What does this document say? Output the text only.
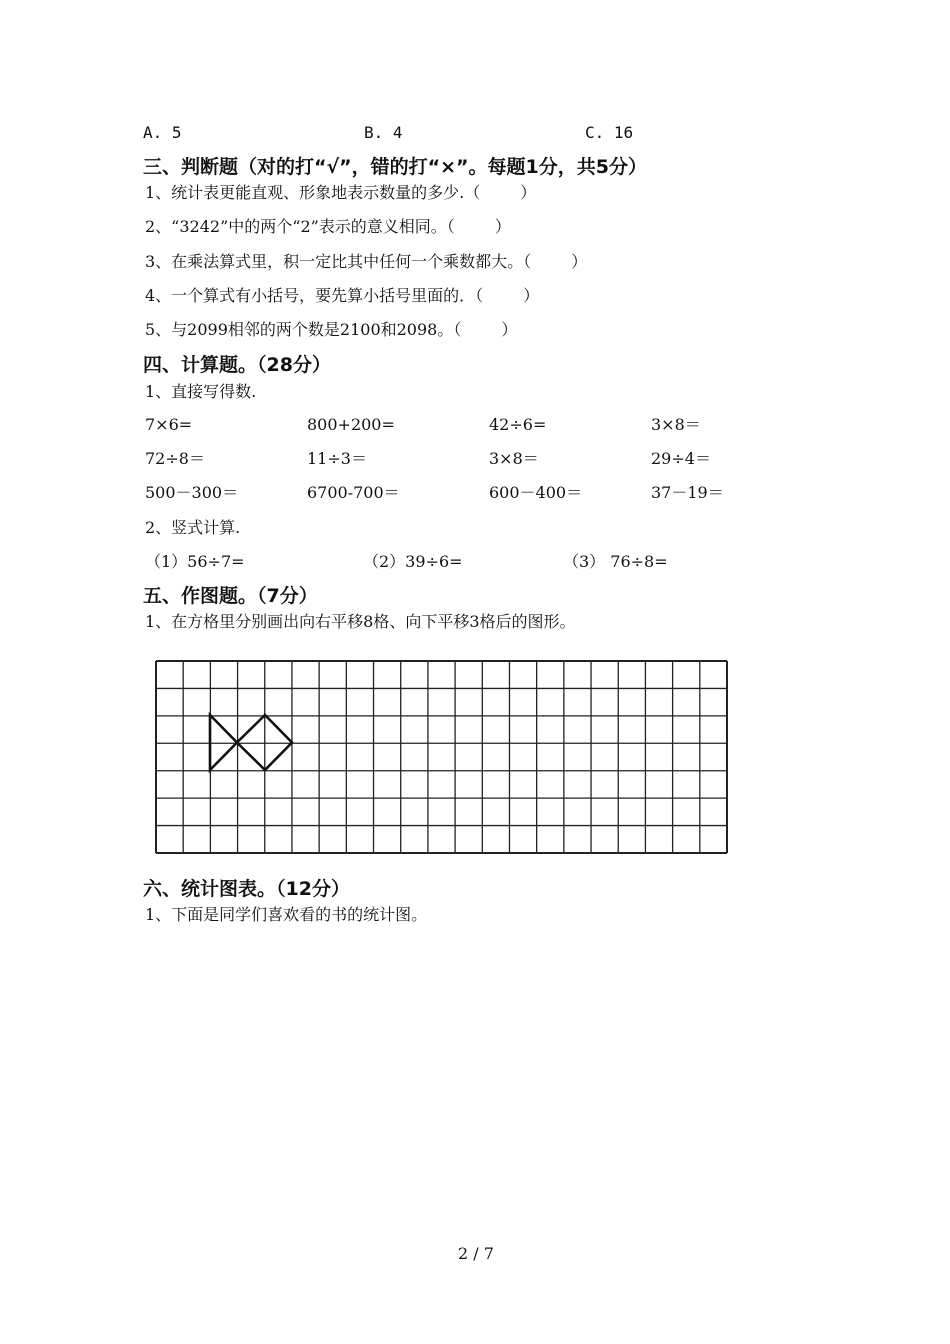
A. 5	B. 4	C. 16
三、判断题（对的打“√”，错的打“×”。每题1分，共5分）
1、统计表更能直观、形象地表示数量的多少.（	）
2、“3242”中的两个“2”表示的意义相同。（	）
3、在乘法算式里，积一定比其中任何一个乘数都大。（	）
4、一个算式有小括号，要先算小括号里面的．（	）
5、与2099相邻的两个数是2100和2098。（	）
四、计算题。（28分）
1、直接写得数.
7×6=	800+200=	42÷6=	3×8＝
72÷8＝	11÷3＝	3×8＝	29÷4＝
500－300＝	6700-700＝	600－400＝	37－19＝
2、竖式计算.
（1）56÷7=	（2）39÷6=	（3） 76÷8=
五、作图题。（7分）
1、在方格里分别画出向右平移8格、向下平移3格后的图形。
六、统计图表。（12分）
1、下面是同学们喜欢看的书的统计图。
2 / 7
